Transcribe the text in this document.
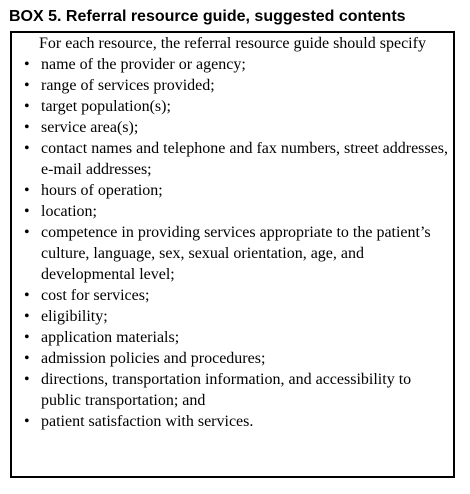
BOX 5. Referral resource guide, suggested contents

For each resource, the referral resource guide should specify

• name of the provider or agency;
• range of services provided;
• target population(s);
• service area(s);
• contact names and telephone and fax numbers, street addresses, e-mail addresses;
• hours of operation;
• location;
• competence in providing services appropriate to the patient’s culture, language, sex, sexual orientation, age, and developmental level;
• cost for services;
• eligibility;
• application materials;
• admission policies and procedures;
• directions, transportation information, and accessibility to public transportation; and
• patient satisfaction with services.
